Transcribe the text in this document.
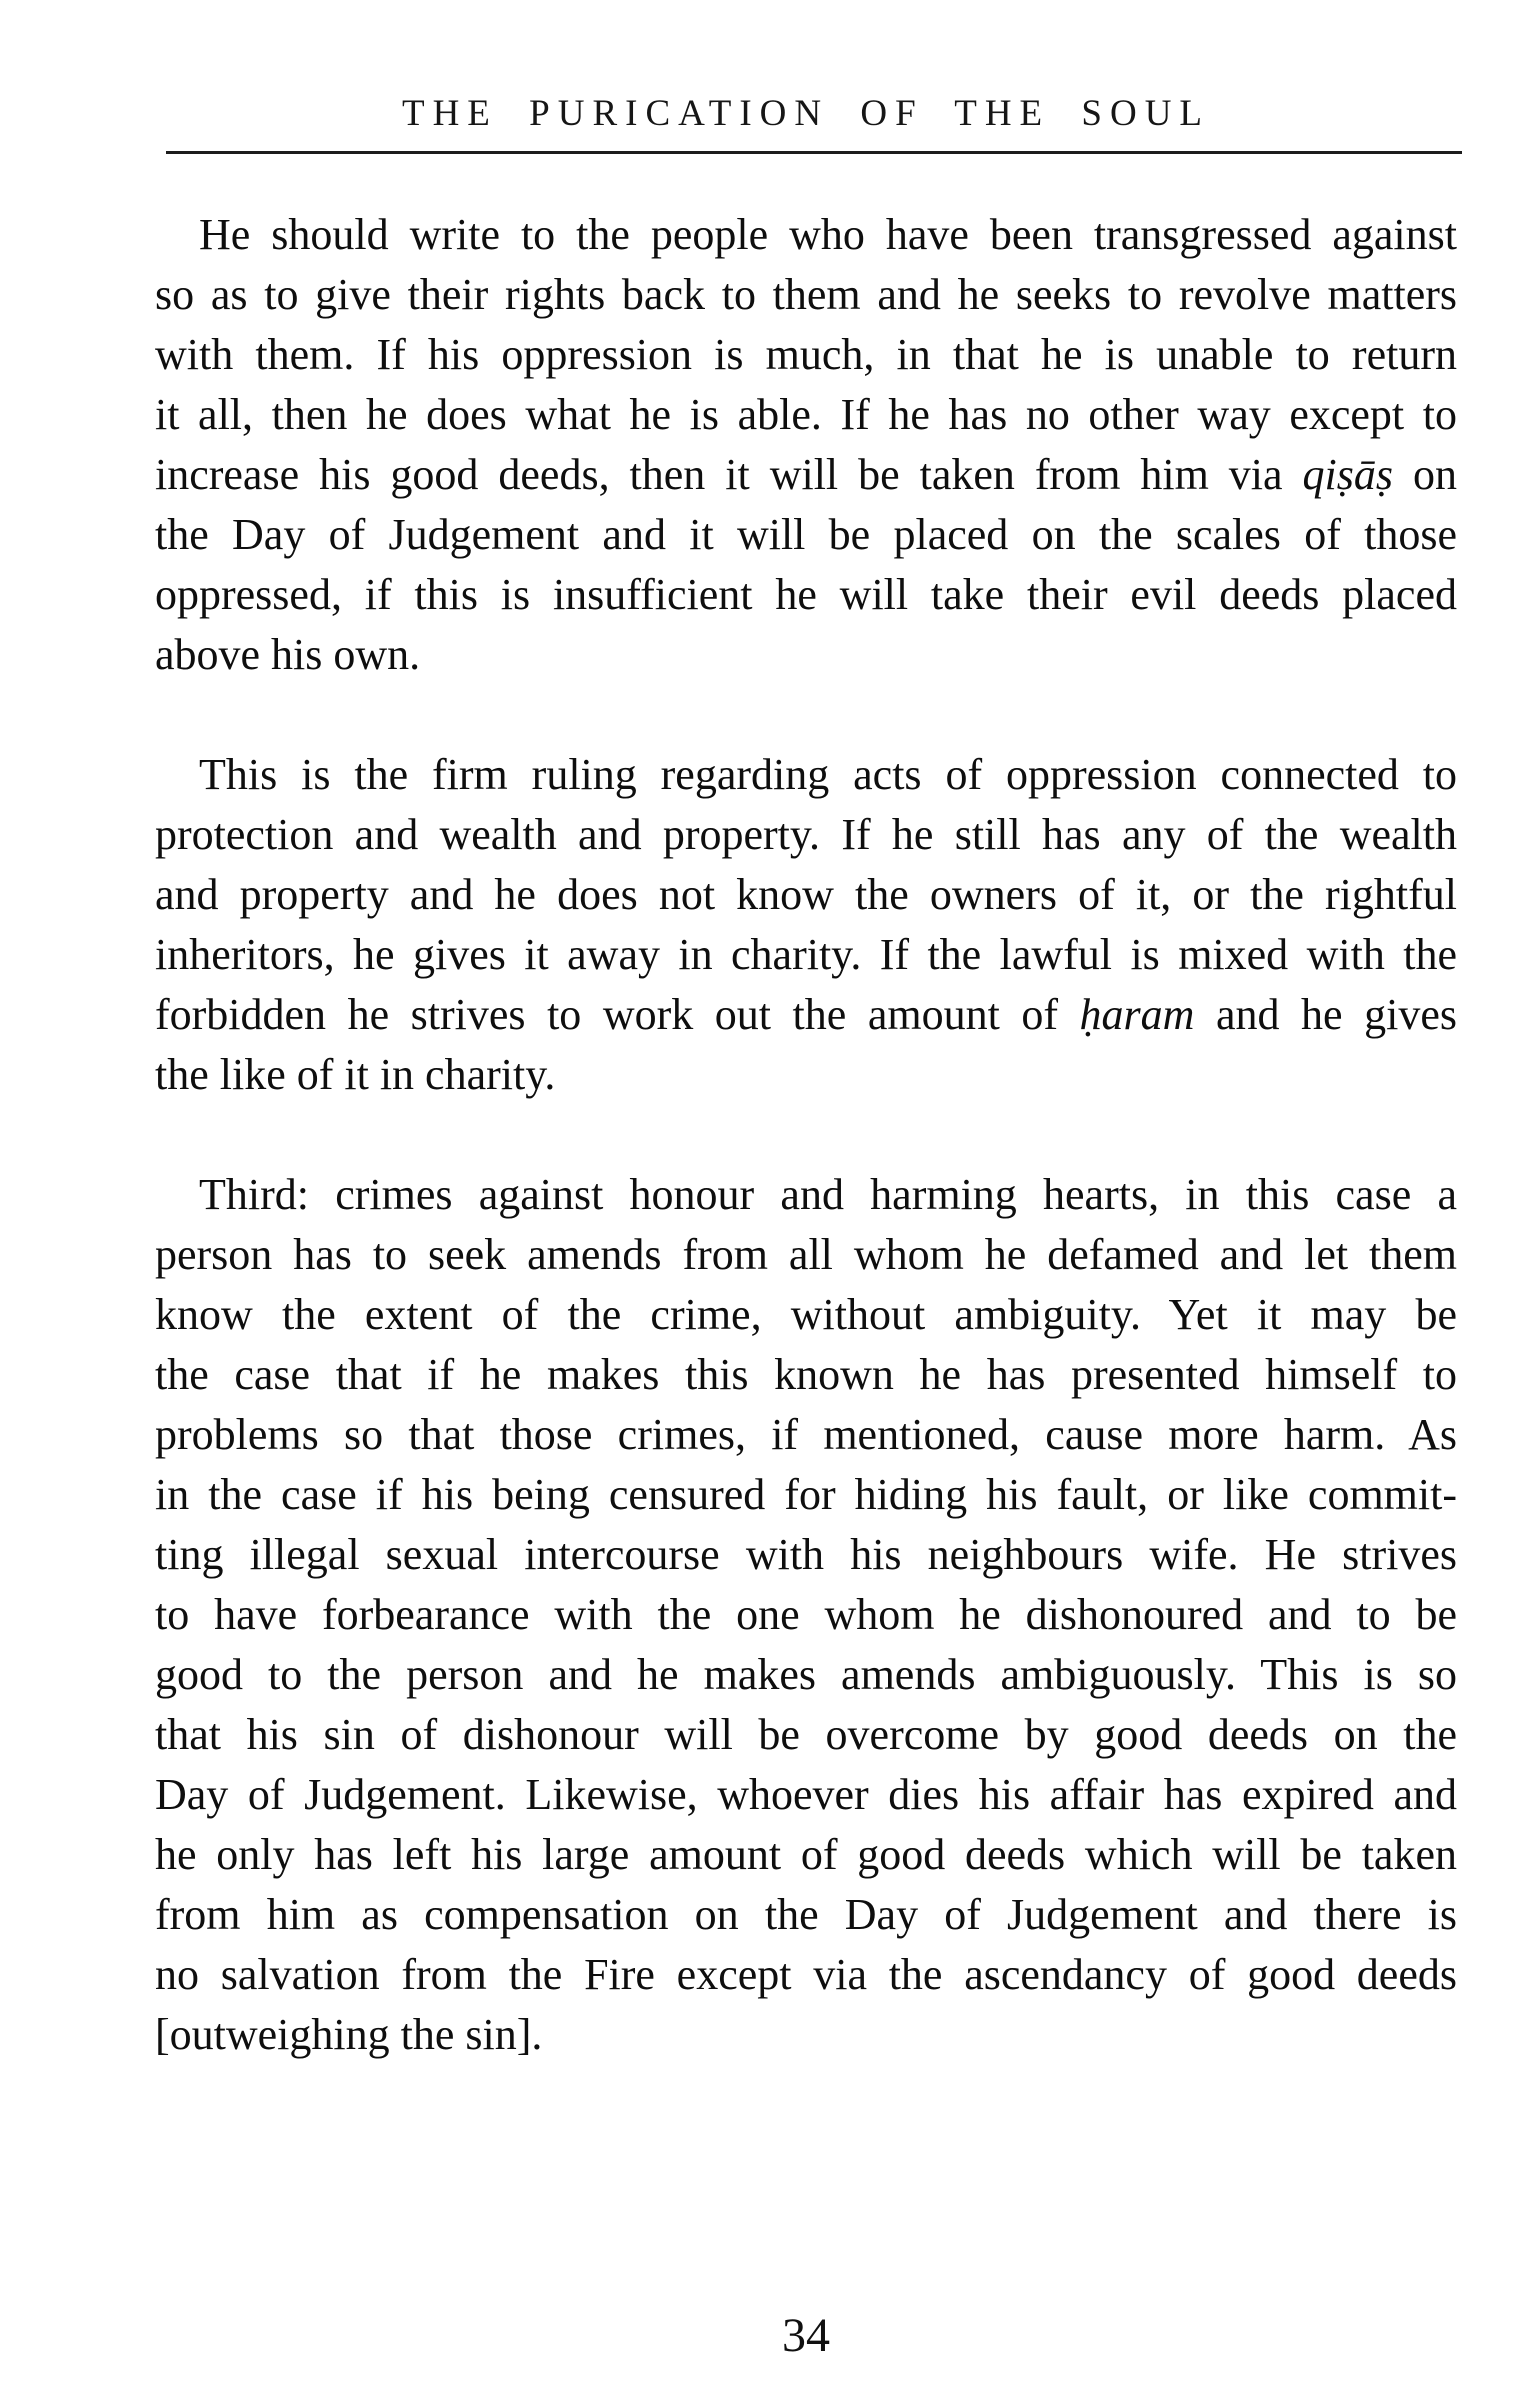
THE PURICATION OF THE SOUL
He should write to the people who have been transgressed against
so as to give their rights back to them and he seeks to revolve matters
with them. If his oppression is much, in that he is unable to return
it all, then he does what he is able. If he has no other way except to
increase his good deeds, then it will be taken from him via qiṣāṣ on
the Day of Judgement and it will be placed on the scales of those
oppressed, if this is insufficient he will take their evil deeds placed
above his own.
This is the firm ruling regarding acts of oppression connected to
protection and wealth and property. If he still has any of the wealth
and property and he does not know the owners of it, or the rightful
inheritors, he gives it away in charity. If the lawful is mixed with the
forbidden he strives to work out the amount of ḥaram and he gives
the like of it in charity.
Third: crimes against honour and harming hearts, in this case a
person has to seek amends from all whom he defamed and let them
know the extent of the crime, without ambiguity. Yet it may be
the case that if he makes this known he has presented himself to
problems so that those crimes, if mentioned, cause more harm. As
in the case if his being censured for hiding his fault, or like commit-
ting illegal sexual intercourse with his neighbours wife. He strives
to have forbearance with the one whom he dishonoured and to be
good to the person and he makes amends ambiguously. This is so
that his sin of dishonour will be overcome by good deeds on the
Day of Judgement. Likewise, whoever dies his affair has expired and
he only has left his large amount of good deeds which will be taken
from him as compensation on the Day of Judgement and there is
no salvation from the Fire except via the ascendancy of good deeds
[outweighing the sin].
34
